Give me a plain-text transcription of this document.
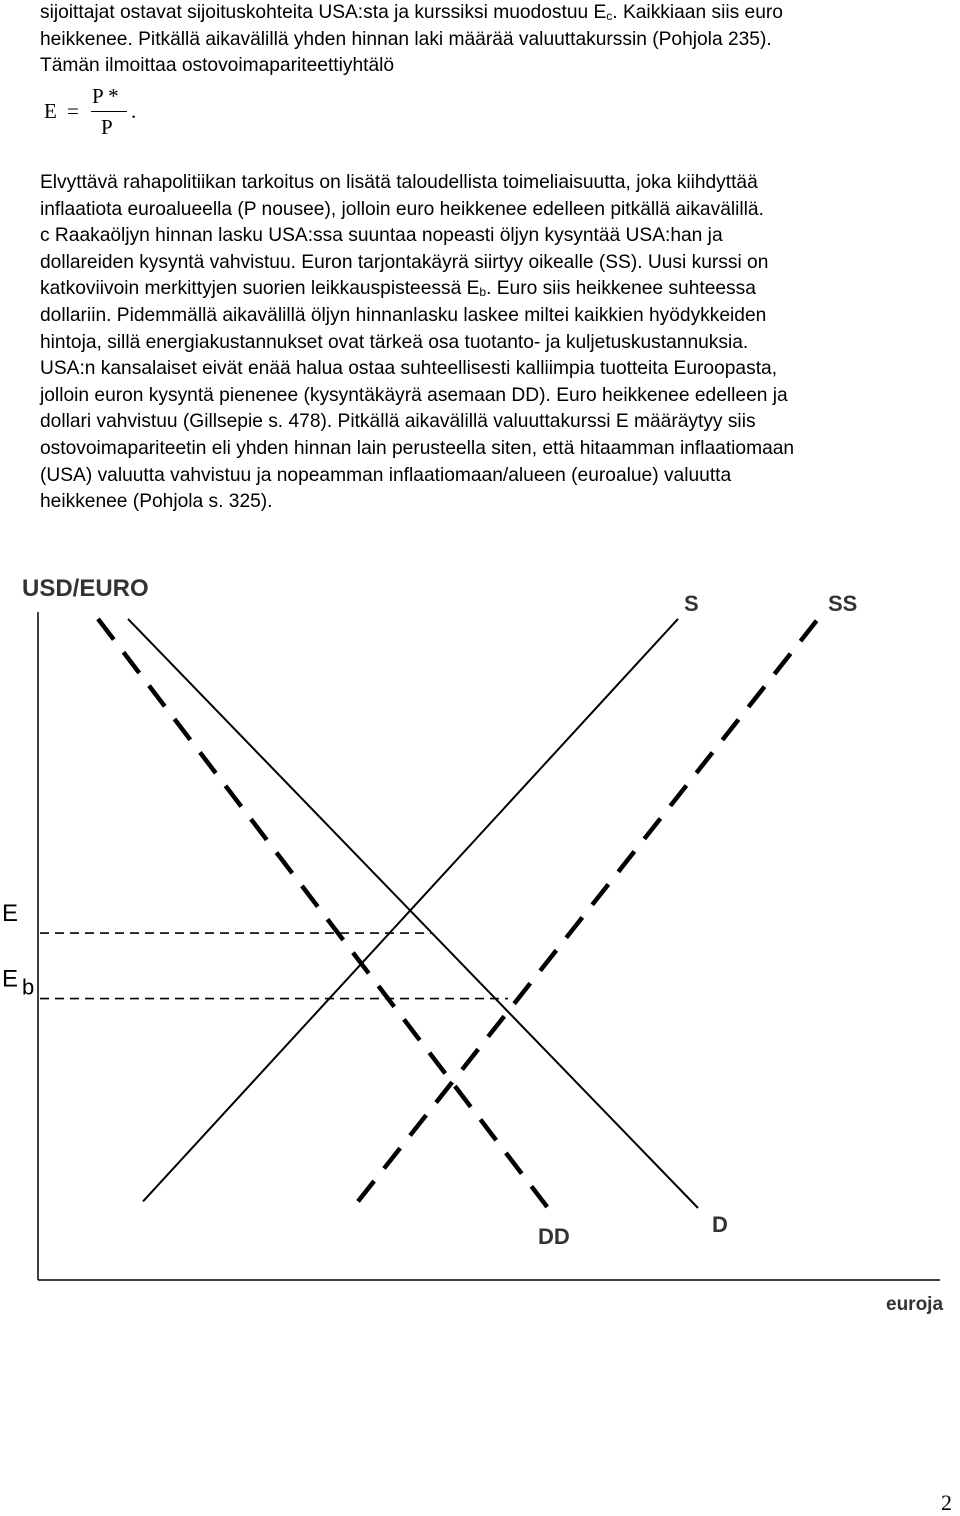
sijoittajat ostavat sijoituskohteita USA:sta ja kurssiksi muodostuu $E_c$. Kaikkiaan siis euro
heikkenee. Pitkällä aikavälillä yhden hinnan laki määrää valuuttakurssin (Pohjola 235).
Tämän ilmoittaa ostovoimapariteettiyhtälö
E =
P *
P
.
Elvyttävä rahapolitiikan tarkoitus on lisätä taloudellista toimeliaisuutta, joka kiihdyttää
inflaatiota euroalueella (P nousee), jolloin euro heikkenee edelleen pitkällä aikavälillä.
c Raakaöljyn hinnan lasku USA:ssa suuntaa nopeasti öljyn kysyntää USA:han ja
dollareiden kysyntä vahvistuu. Euron tarjontakäyrä siirtyy oikealle (SS). Uusi kurssi on
katkoviivoin merkittyjen suorien leikkauspisteessä $E_b$. Euro siis heikkenee suhteessa
dollariin. Pidemmällä aikavälillä öljyn hinnanlasku laskee miltei kaikkien hyödykkeiden
hintoja, sillä energiakustannukset ovat tärkeä osa tuotanto- ja kuljetuskustannuksia.
USA:n kansalaiset eivät enää halua ostaa suhteellisesti kalliimpia tuotteita Euroopasta,
jolloin euron kysyntä pienenee (kysyntäkäyrä asemaan DD). Euro heikkenee edelleen ja
dollari vahvistuu (Gillsepie s. 478). Pitkällä aikavälillä valuuttakurssi E määräytyy siis
ostovoimapariteetin eli yhden hinnan lain perusteella siten, että hitaamman inflaatiomaan
(USA) valuutta vahvistuu ja nopeamman inflaatiomaan/alueen (euroalue) valuutta
heikkenee (Pohjola s. 325).
USD/EURO
euroja
E
E b
S	SS
D
DD
2
